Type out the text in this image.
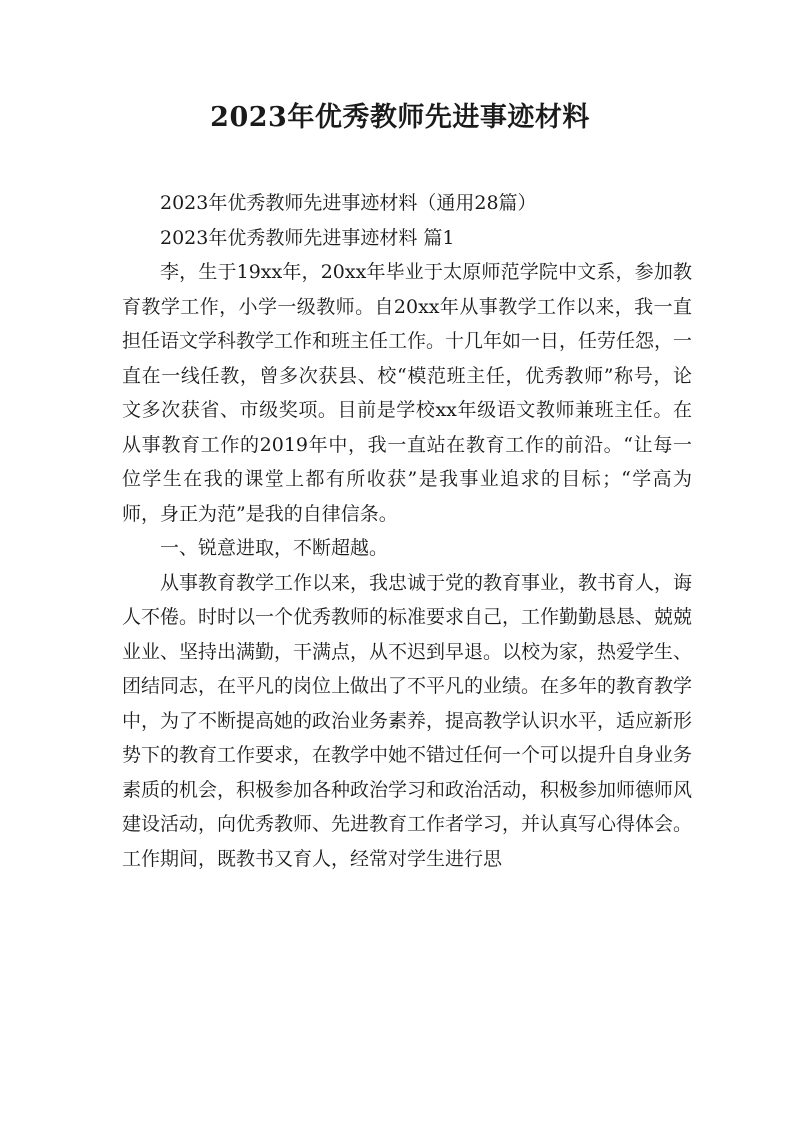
2023年优秀教师先进事迹材料

2023年优秀教师先进事迹材料（通用28篇）

2023年优秀教师先进事迹材料 篇1

李，生于19xx年，20xx年毕业于太原师范学院中文系，参加教育教学工作，小学一级教师。自20xx年从事教学工作以来，我一直担任语文学科教学工作和班主任工作。十几年如一日，任劳任怨，一直在一线任教，曾多次获县、校“模范班主任，优秀教师”称号，论文多次获省、市级奖项。目前是学校xx年级语文教师兼班主任。在从事教育工作的2019年中，我一直站在教育工作的前沿。“让每一位学生在我的课堂上都有所收获”是我事业追求的目标；“学高为师，身正为范”是我的自律信条。

一、锐意进取，不断超越。

从事教育教学工作以来，我忠诚于党的教育事业，教书育人，诲人不倦。时时以一个优秀教师的标准要求自己，工作勤勤恳恳、兢兢业业、坚持出满勤，干满点，从不迟到早退。以校为家，热爱学生、团结同志，在平凡的岗位上做出了不平凡的业绩。在多年的教育教学中，为了不断提高她的政治业务素养，提高教学认识水平，适应新形势下的教育工作要求，在教学中她不错过任何一个可以提升自身业务素质的机会，积极参加各种政治学习和政治活动，积极参加师德师风建设活动，向优秀教师、先进教育工作者学习，并认真写心得体会。工作期间，既教书又育人，经常对学生进行思
